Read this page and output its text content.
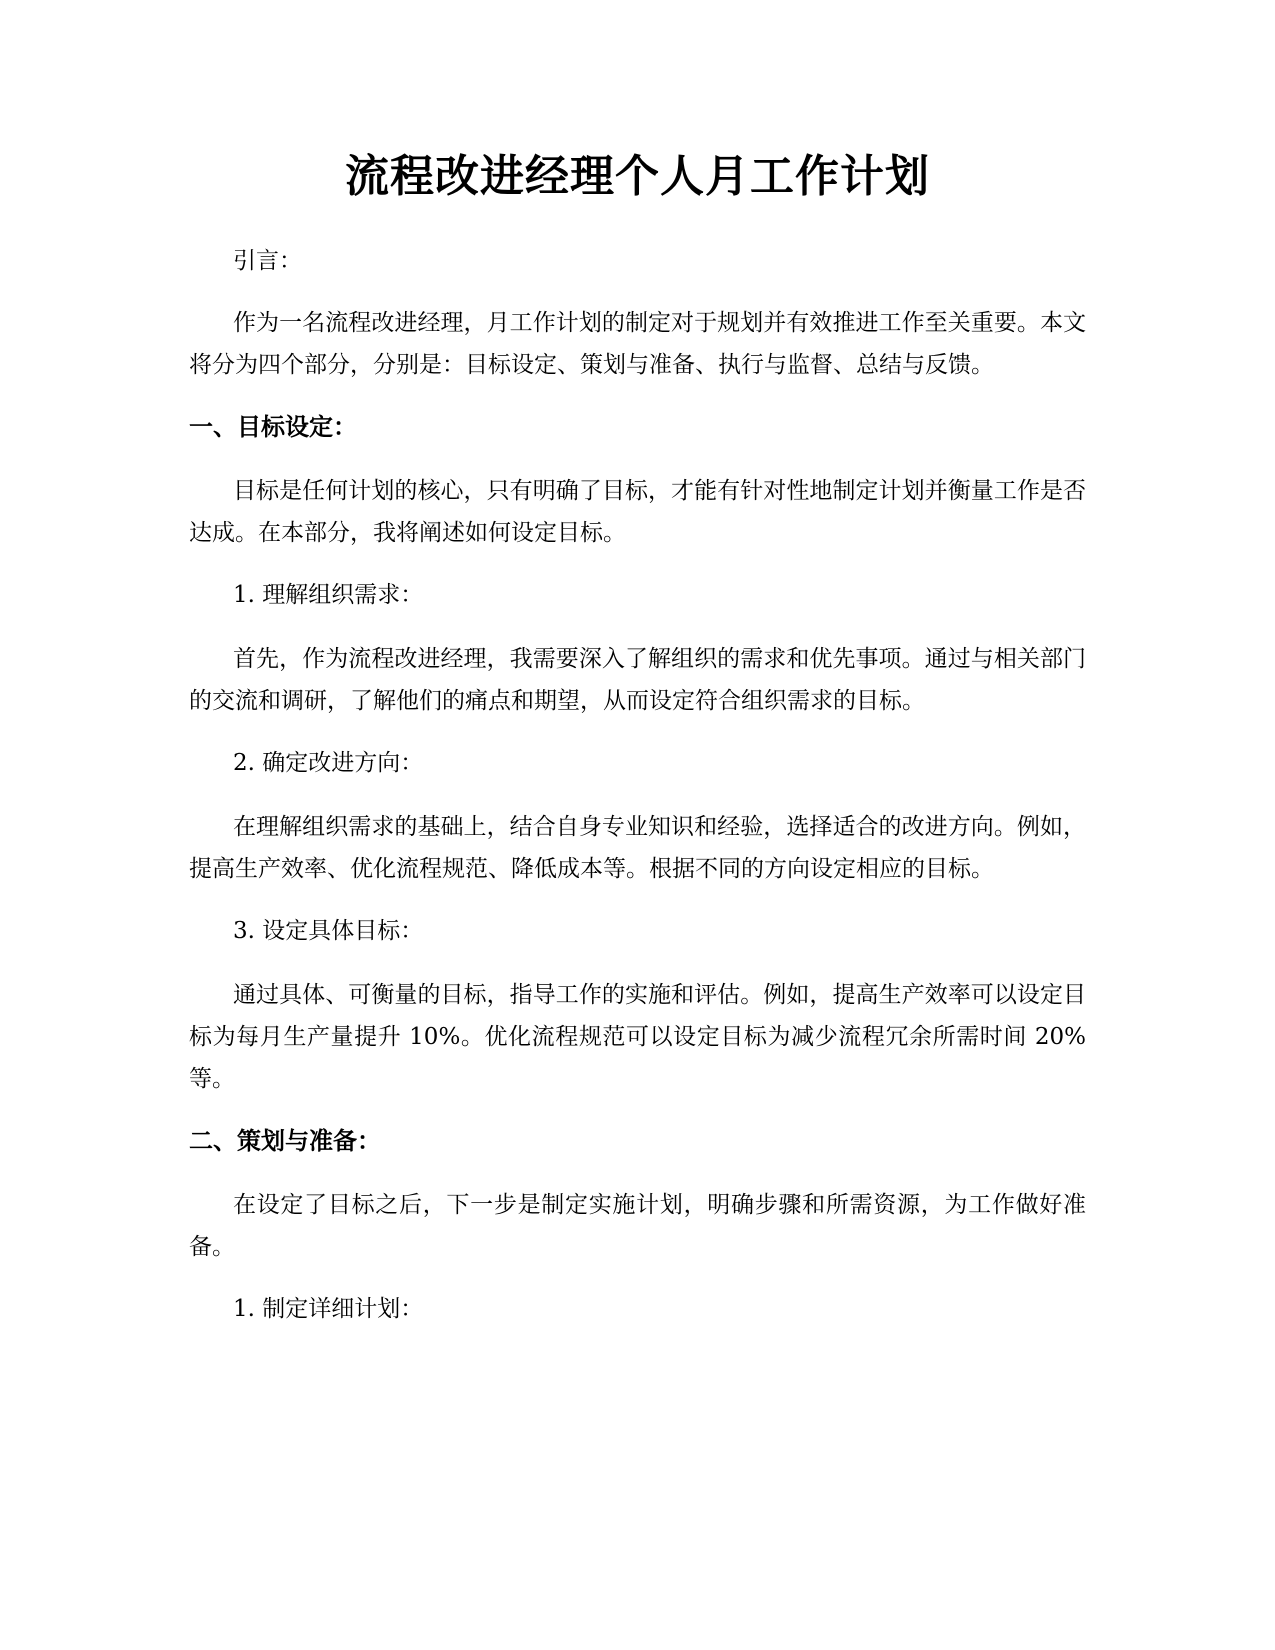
流程改进经理个人月工作计划
引言：
作为一名流程改进经理，月工作计划的制定对于规划并有效推进工作至关重要。本文将分为四个部分，分别是：目标设定、策划与准备、执行与监督、总结与反馈。
一、目标设定：
目标是任何计划的核心，只有明确了目标，才能有针对性地制定计划并衡量工作是否达成。在本部分，我将阐述如何设定目标。
1. 理解组织需求：
首先，作为流程改进经理，我需要深入了解组织的需求和优先事项。通过与相关部门的交流和调研，了解他们的痛点和期望，从而设定符合组织需求的目标。
2. 确定改进方向：
在理解组织需求的基础上，结合自身专业知识和经验，选择适合的改进方向。例如，提高生产效率、优化流程规范、降低成本等。根据不同的方向设定相应的目标。
3. 设定具体目标：
通过具体、可衡量的目标，指导工作的实施和评估。例如，提高生产效率可以设定目标为每月生产量提升 10%。优化流程规范可以设定目标为减少流程冗余所需时间 20%等。
二、策划与准备：
在设定了目标之后，下一步是制定实施计划，明确步骤和所需资源，为工作做好准备。
1. 制定详细计划：
